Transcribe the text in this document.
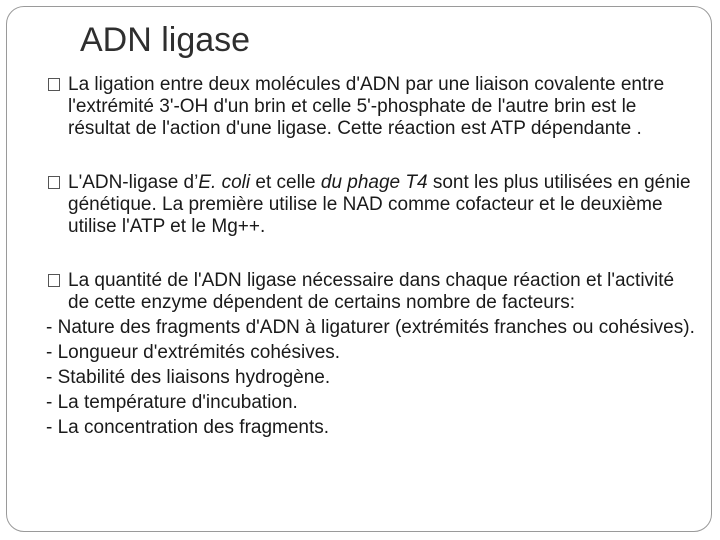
ADN ligase

La ligation entre deux molécules d'ADN par une liaison covalente entre l'extrémité 3'-OH d'un brin et celle 5'-phosphate de l'autre brin est le résultat de l'action d'une ligase. Cette réaction est ATP dépendante .

L'ADN-ligase d’E. coli et celle du phage T4 sont les plus utilisées en génie génétique. La première utilise le NAD comme cofacteur et le deuxième utilise l'ATP et le Mg++.

La quantité de l'ADN ligase nécessaire dans chaque réaction et l'activité de cette enzyme dépendent de certains nombre de facteurs:

- Nature des fragments d'ADN à ligaturer (extrémités franches ou cohésives).

- Longueur d'extrémités cohésives.

- Stabilité des liaisons hydrogène.

- La température d'incubation.

- La concentration des fragments.
